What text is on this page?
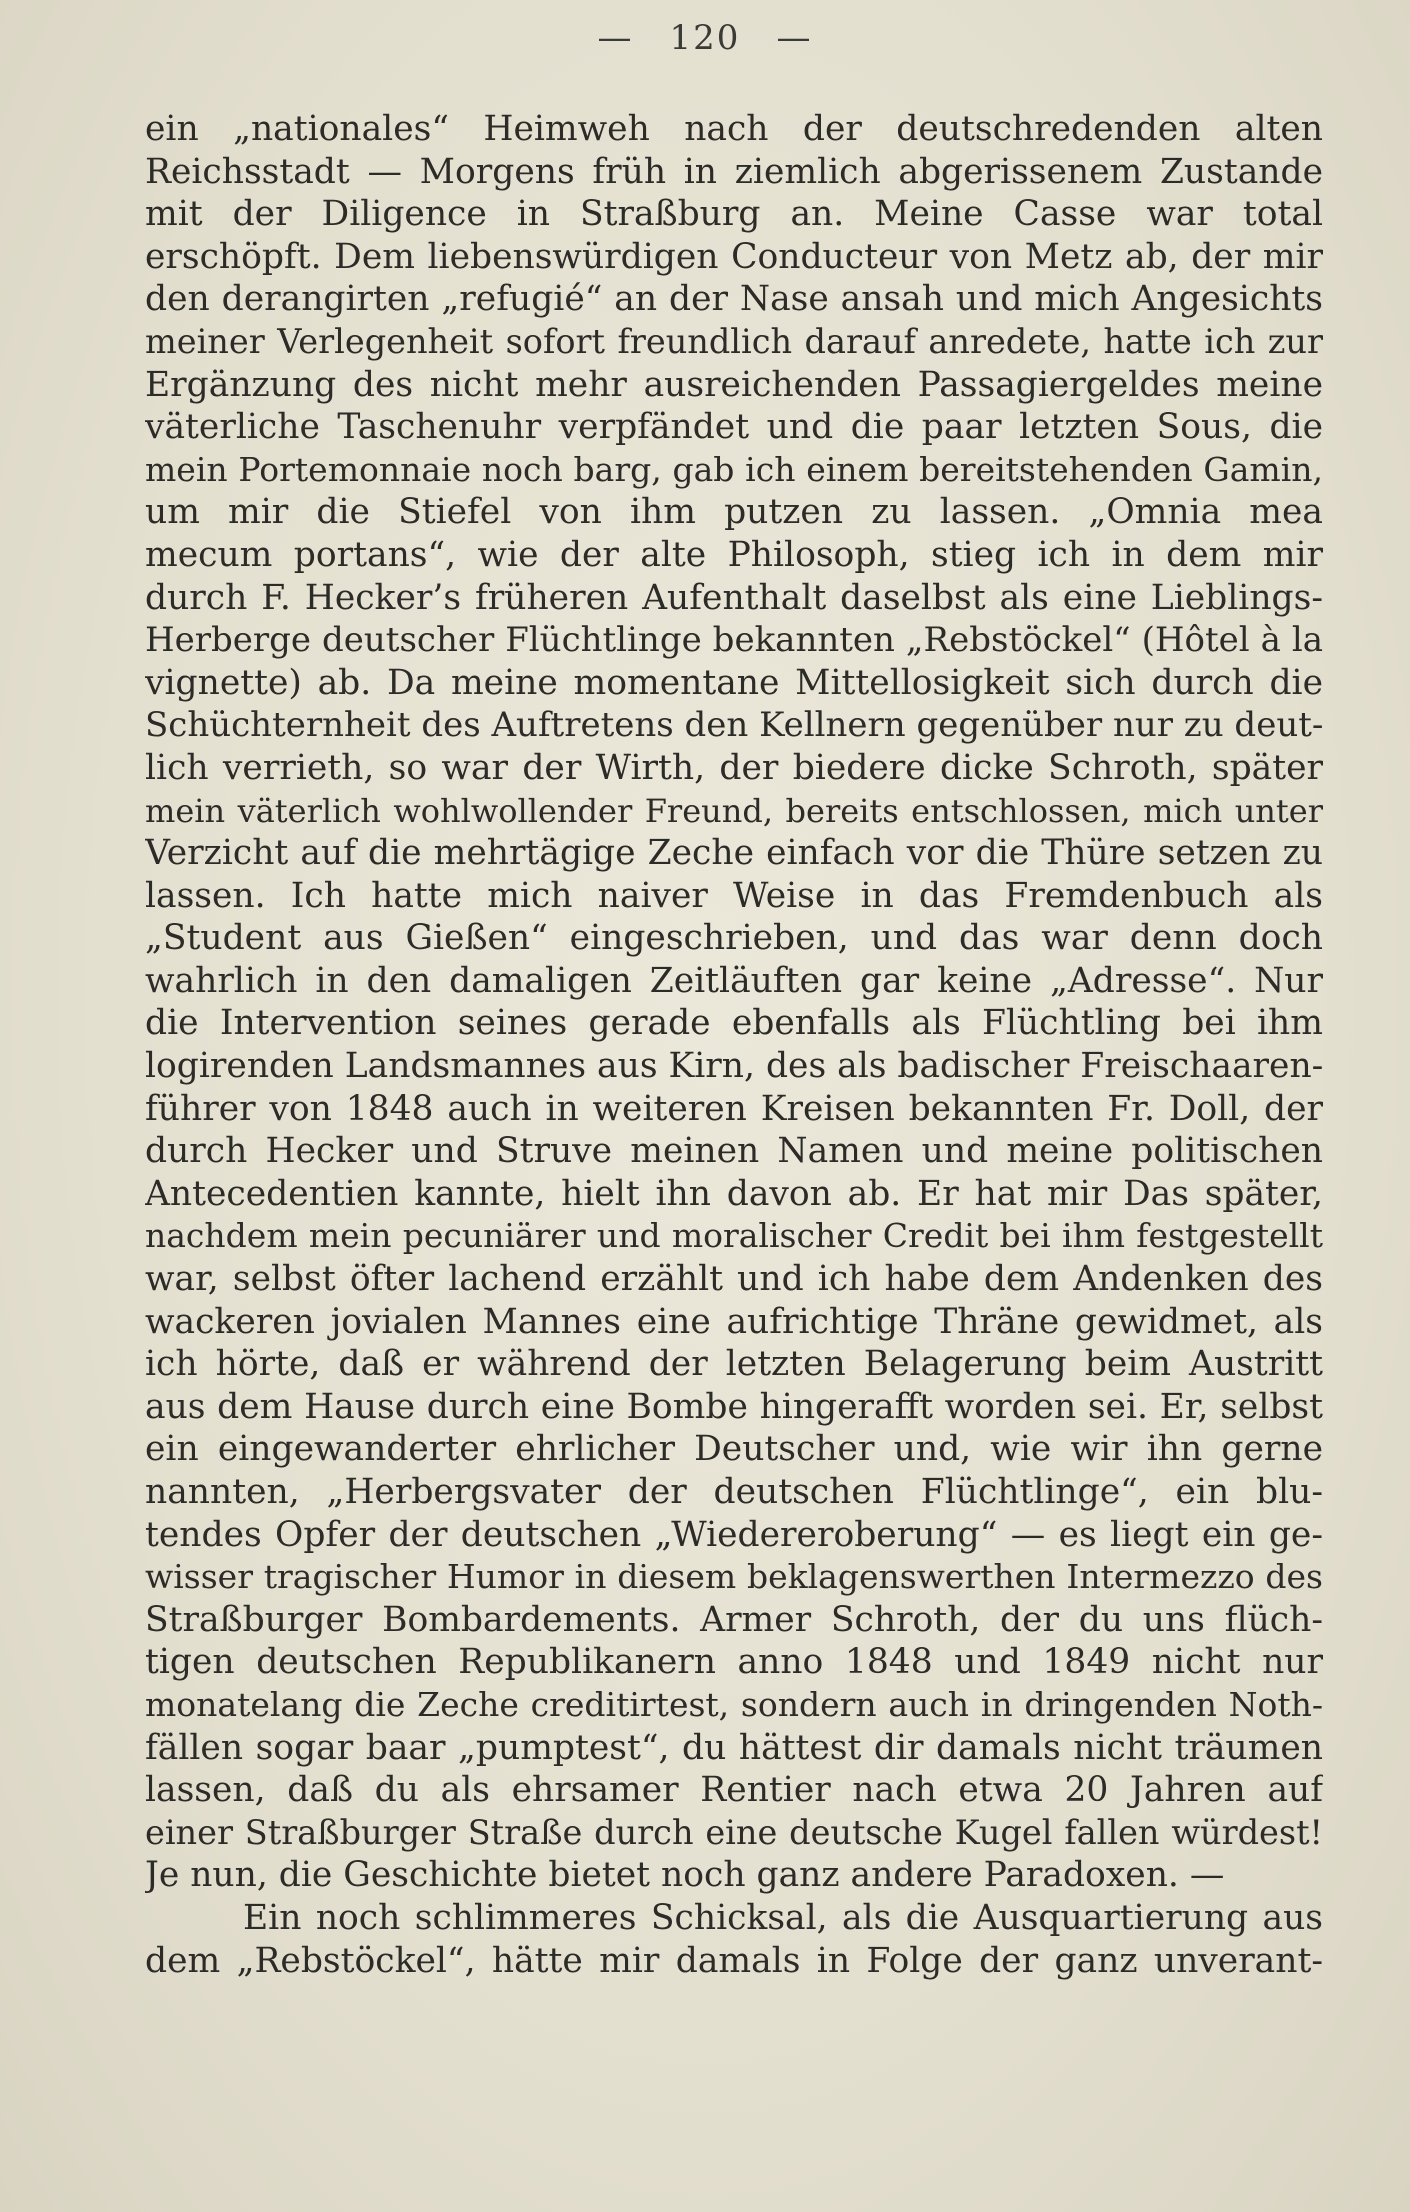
— 120 —
ein „nationales“ Heimweh nach der deutschredenden alten
Reichsstadt — Morgens früh in ziemlich abgerissenem Zustande
mit der Diligence in Straßburg an. Meine Casse war total
erschöpft. Dem liebenswürdigen Conducteur von Metz ab, der mir
den derangirten „refugié“ an der Nase ansah und mich Angesichts
meiner Verlegenheit sofort freundlich darauf anredete, hatte ich zur
Ergänzung des nicht mehr ausreichenden Passagiergeldes meine
väterliche Taschenuhr verpfändet und die paar letzten Sous, die
mein Portemonnaie noch barg, gab ich einem bereitstehenden Gamin,
um mir die Stiefel von ihm putzen zu lassen. „Omnia mea
mecum portans“, wie der alte Philosoph, stieg ich in dem mir
durch F. Hecker’s früheren Aufenthalt daselbst als eine Lieblings-
Herberge deutscher Flüchtlinge bekannten „Rebstöckel“ (Hôtel à la
vignette) ab. Da meine momentane Mittellosigkeit sich durch die
Schüchternheit des Auftretens den Kellnern gegenüber nur zu deut-
lich verrieth, so war der Wirth, der biedere dicke Schroth, später
mein väterlich wohlwollender Freund, bereits entschlossen, mich unter
Verzicht auf die mehrtägige Zeche einfach vor die Thüre setzen zu
lassen. Ich hatte mich naiver Weise in das Fremdenbuch als
„Student aus Gießen“ eingeschrieben, und das war denn doch
wahrlich in den damaligen Zeitläuften gar keine „Adresse“. Nur
die Intervention seines gerade ebenfalls als Flüchtling bei ihm
logirenden Landsmannes aus Kirn, des als badischer Freischaaren-
führer von 1848 auch in weiteren Kreisen bekannten Fr. Doll, der
durch Hecker und Struve meinen Namen und meine politischen
Antecedentien kannte, hielt ihn davon ab. Er hat mir Das später,
nachdem mein pecuniärer und moralischer Credit bei ihm festgestellt
war, selbst öfter lachend erzählt und ich habe dem Andenken des
wackeren jovialen Mannes eine aufrichtige Thräne gewidmet, als
ich hörte, daß er während der letzten Belagerung beim Austritt
aus dem Hause durch eine Bombe hingerafft worden sei. Er, selbst
ein eingewanderter ehrlicher Deutscher und, wie wir ihn gerne
nannten, „Herbergsvater der deutschen Flüchtlinge“, ein blu-
tendes Opfer der deutschen „Wiedereroberung“ — es liegt ein ge-
wisser tragischer Humor in diesem beklagenswerthen Intermezzo des
Straßburger Bombardements. Armer Schroth, der du uns flüch-
tigen deutschen Republikanern anno 1848 und 1849 nicht nur
monatelang die Zeche creditirtest, sondern auch in dringenden Noth-
fällen sogar baar „pumptest“, du hättest dir damals nicht träumen
lassen, daß du als ehrsamer Rentier nach etwa 20 Jahren auf
einer Straßburger Straße durch eine deutsche Kugel fallen würdest!
Je nun, die Geschichte bietet noch ganz andere Paradoxen. —
Ein noch schlimmeres Schicksal, als die Ausquartierung aus
dem „Rebstöckel“, hätte mir damals in Folge der ganz unverant-
